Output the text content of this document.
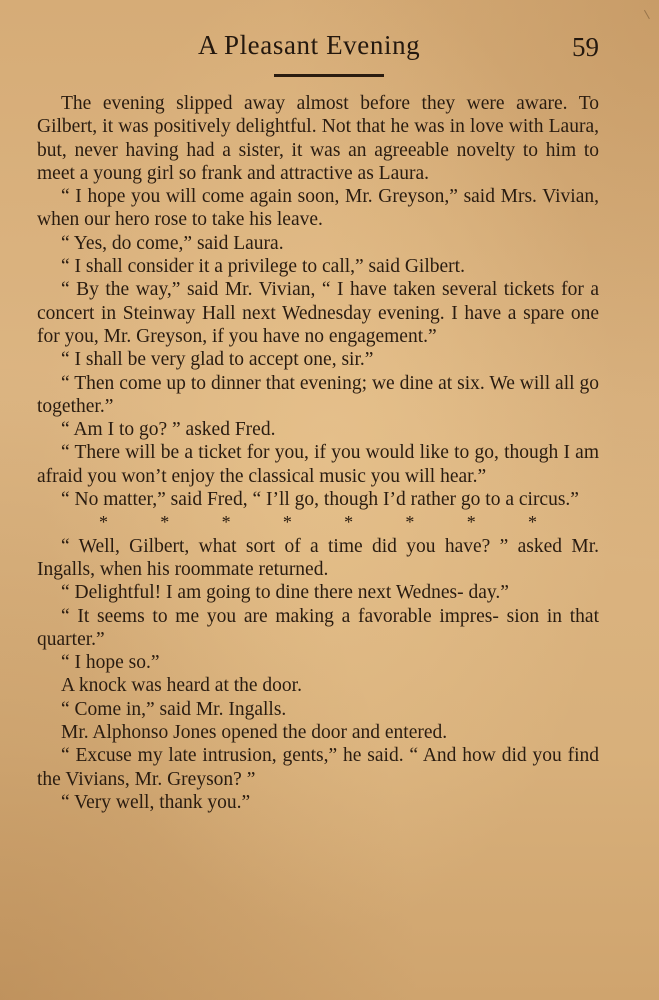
A Pleasant Evening	59

The evening slipped away almost before they were aware. To Gilbert, it was positively delightful. Not that he was in love with Laura, but, never having had a sister, it was an agreeable novelty to him to meet a young girl so frank and attractive as Laura.

“ I hope you will come again soon, Mr. Greyson,” said Mrs. Vivian, when our hero rose to take his leave.

“ Yes, do come,” said Laura.

“ I shall consider it a privilege to call,” said Gilbert.

“ By the way,” said Mr. Vivian, “ I have taken several tickets for a concert in Steinway Hall next Wednesday evening. I have a spare one for you, Mr. Greyson, if you have no engagement.”

“ I shall be very glad to accept one, sir.”

“ Then come up to dinner that evening; we dine at six. We will all go together.”

“ Am I to go? ” asked Fred.

“ There will be a ticket for you, if you would like to go, though I am afraid you won’t enjoy the classical music you will hear.”

“ No matter,” said Fred, “ I’ll go, though I’d rather go to a circus.”

*	*	*	*	*	*	*	*

“ Well, Gilbert, what sort of a time did you have? ” asked Mr. Ingalls, when his roommate returned.

“ Delightful! I am going to dine there next Wednes- day.”

“ It seems to me you are making a favorable impres- sion in that quarter.”

“ I hope so.”

A knock was heard at the door.

“ Come in,” said Mr. Ingalls.

Mr. Alphonso Jones opened the door and entered.

“ Excuse my late intrusion, gents,” he said. “ And how did you find the Vivians, Mr. Greyson? ”

“ Very well, thank you.”
